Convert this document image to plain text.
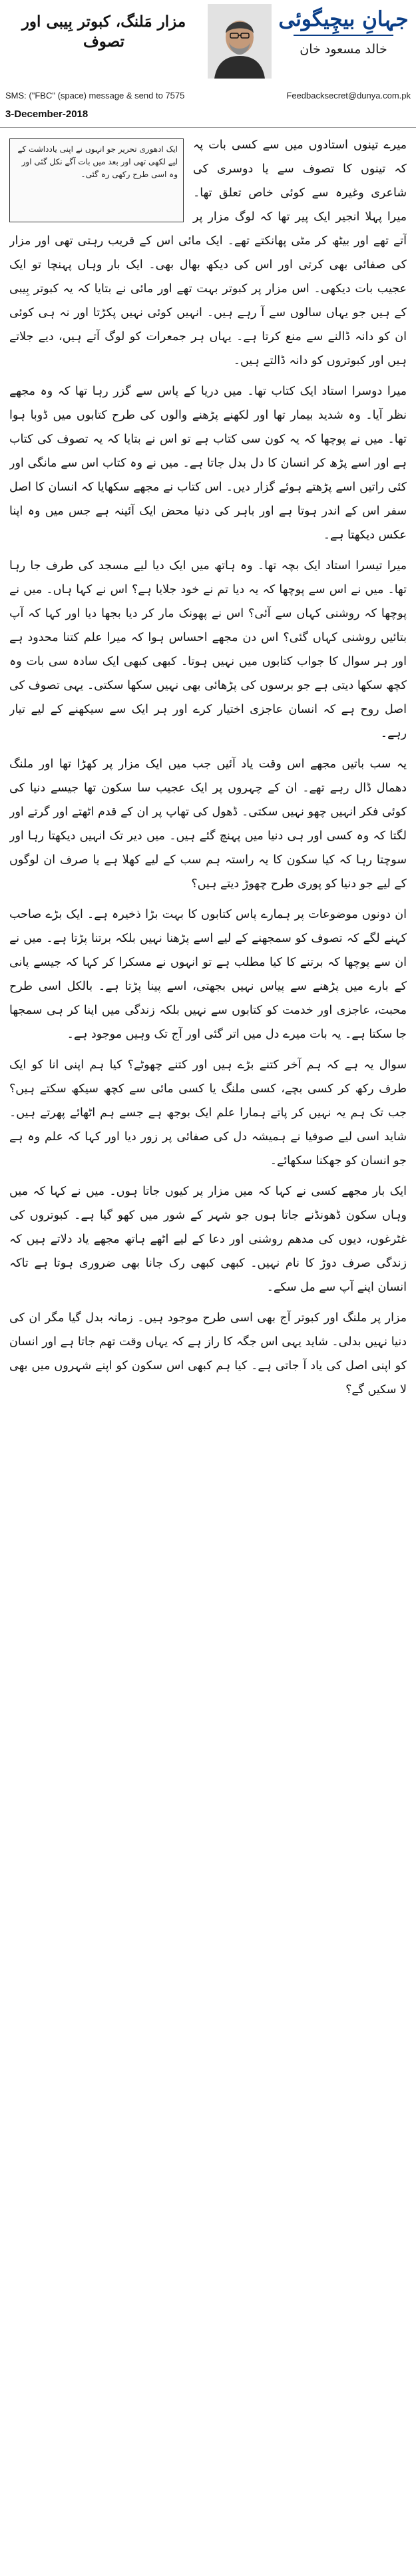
مزار مَلنگ، کبوتر بِیبی اور تصوف
جہانِ بیچِیگوئی
خالد مسعود خان
SMS: ("FBC" (space) message & send to 7575	Feedbacksecret@dunya.com.pk
3-December-2018
ایک ادھوری تحریر جو انہوں نے اپنی یادداشت کے لیے لکھی تھی اور بعد میں بات آگے نکل گئی اور وہ اسی طرح رکھی رہ گئی۔

میرے تینوں استادوں میں سے کسی بات پہ کہ تینوں کا تصوف سے یا دوسری کی شاعری وغیرہ سے کوئی خاص تعلق تھا۔ میرا پہلا انجیر ایک پیر تھا کہ لوگ مزار پر آتے تھے اور بیٹھ کر مٹی پھانکتے تھے۔ ایک مائی اس کے قریب رہتی تھی اور مزار کی صفائی بھی کرتی اور اس کی دیکھ بھال بھی۔ ایک بار وہاں پہنچا تو ایک عجیب بات دیکھی۔ اس مزار پر کبوتر بہت تھے اور مائی نے بتایا کہ یہ کبوتر بِیبی کے ہیں جو یہاں سالوں سے آ رہے ہیں۔ انہیں کوئی نہیں پکڑتا اور نہ ہی کوئی ان کو دانہ ڈالنے سے منع کرتا ہے۔ یہاں ہر جمعرات کو لوگ آتے ہیں، دیے جلاتے ہیں اور کبوتروں کو دانہ ڈالتے ہیں۔

میرا دوسرا استاد ایک کتاب تھا۔ میں دریا کے پاس سے گزر رہا تھا کہ وہ مجھے نظر آیا۔ وہ شدید بیمار تھا اور لکھنے پڑھنے والوں کی طرح کتابوں میں ڈوبا ہوا تھا۔ میں نے پوچھا کہ یہ کون سی کتاب ہے تو اس نے بتایا کہ یہ تصوف کی کتاب ہے اور اسے پڑھ کر انسان کا دل بدل جاتا ہے۔ میں نے وہ کتاب اس سے مانگی اور کئی راتیں اسے پڑھتے ہوئے گزار دیں۔ اس کتاب نے مجھے سکھایا کہ انسان کا اصل سفر اس کے اندر ہوتا ہے اور باہر کی دنیا محض ایک آئینہ ہے جس میں وہ اپنا عکس دیکھتا ہے۔

میرا تیسرا استاد ایک بچہ تھا۔ وہ ہاتھ میں ایک دیا لیے مسجد کی طرف جا رہا تھا۔ میں نے اس سے پوچھا کہ یہ دیا تم نے خود جلایا ہے؟ اس نے کہا ہاں۔ میں نے پوچھا کہ روشنی کہاں سے آئی؟ اس نے پھونک مار کر دیا بجھا دیا اور کہا کہ آپ بتائیں روشنی کہاں گئی؟ اس دن مجھے احساس ہوا کہ میرا علم کتنا محدود ہے اور ہر سوال کا جواب کتابوں میں نہیں ہوتا۔ کبھی کبھی ایک سادہ سی بات وہ کچھ سکھا دیتی ہے جو برسوں کی پڑھائی بھی نہیں سکھا سکتی۔ یہی تصوف کی اصل روح ہے کہ انسان عاجزی اختیار کرے اور ہر ایک سے سیکھنے کے لیے تیار رہے۔

یہ سب باتیں مجھے اس وقت یاد آئیں جب میں ایک مزار پر کھڑا تھا اور ملنگ دھمال ڈال رہے تھے۔ ان کے چہروں پر ایک عجیب سا سکون تھا جیسے دنیا کی کوئی فکر انہیں چھو نہیں سکتی۔ ڈھول کی تھاپ پر ان کے قدم اٹھتے اور گرتے اور لگتا کہ وہ کسی اور ہی دنیا میں پہنچ گئے ہیں۔ میں دیر تک انہیں دیکھتا رہا اور سوچتا رہا کہ کیا سکون کا یہ راستہ ہم سب کے لیے کھلا ہے یا صرف ان لوگوں کے لیے جو دنیا کو پوری طرح چھوڑ دیتے ہیں؟

ان دونوں موضوعات پر ہمارے پاس کتابوں کا بہت بڑا ذخیرہ ہے۔ ایک بڑے صاحب کہنے لگے کہ تصوف کو سمجھنے کے لیے اسے پڑھنا نہیں بلکہ برتنا پڑتا ہے۔ میں نے ان سے پوچھا کہ برتنے کا کیا مطلب ہے تو انہوں نے مسکرا کر کہا کہ جیسے پانی کے بارے میں پڑھنے سے پیاس نہیں بجھتی، اسے پینا پڑتا ہے۔ بالکل اسی طرح محبت، عاجزی اور خدمت کو کتابوں سے نہیں بلکہ زندگی میں اپنا کر ہی سمجھا جا سکتا ہے۔ یہ بات میرے دل میں اتر گئی اور آج تک وہیں موجود ہے۔

سوال یہ ہے کہ ہم آخر کتنے بڑے ہیں اور کتنے چھوٹے؟ کیا ہم اپنی انا کو ایک طرف رکھ کر کسی بچے، کسی ملنگ یا کسی مائی سے کچھ سیکھ سکتے ہیں؟ جب تک ہم یہ نہیں کر پاتے ہمارا علم ایک بوجھ ہے جسے ہم اٹھائے پھرتے ہیں۔ شاید اسی لیے صوفیا نے ہمیشہ دل کی صفائی پر زور دیا اور کہا کہ علم وہ ہے جو انسان کو جھکنا سکھائے۔

ایک بار مجھے کسی نے کہا کہ میں مزار پر کیوں جاتا ہوں۔ میں نے کہا کہ میں وہاں سکون ڈھونڈنے جاتا ہوں جو شہر کے شور میں کھو گیا ہے۔ کبوتروں کی غٹرغوں، دیوں کی مدھم روشنی اور دعا کے لیے اٹھے ہاتھ مجھے یاد دلاتے ہیں کہ زندگی صرف دوڑ کا نام نہیں۔ کبھی کبھی رک جانا بھی ضروری ہوتا ہے تاکہ انسان اپنے آپ سے مل سکے۔

مزار پر ملنگ اور کبوتر آج بھی اسی طرح موجود ہیں۔ زمانہ بدل گیا مگر ان کی دنیا نہیں بدلی۔ شاید یہی اس جگہ کا راز ہے کہ یہاں وقت تھم جاتا ہے اور انسان کو اپنی اصل کی یاد آ جاتی ہے۔ کیا ہم کبھی اس سکون کو اپنے شہروں میں بھی لا سکیں گے؟
